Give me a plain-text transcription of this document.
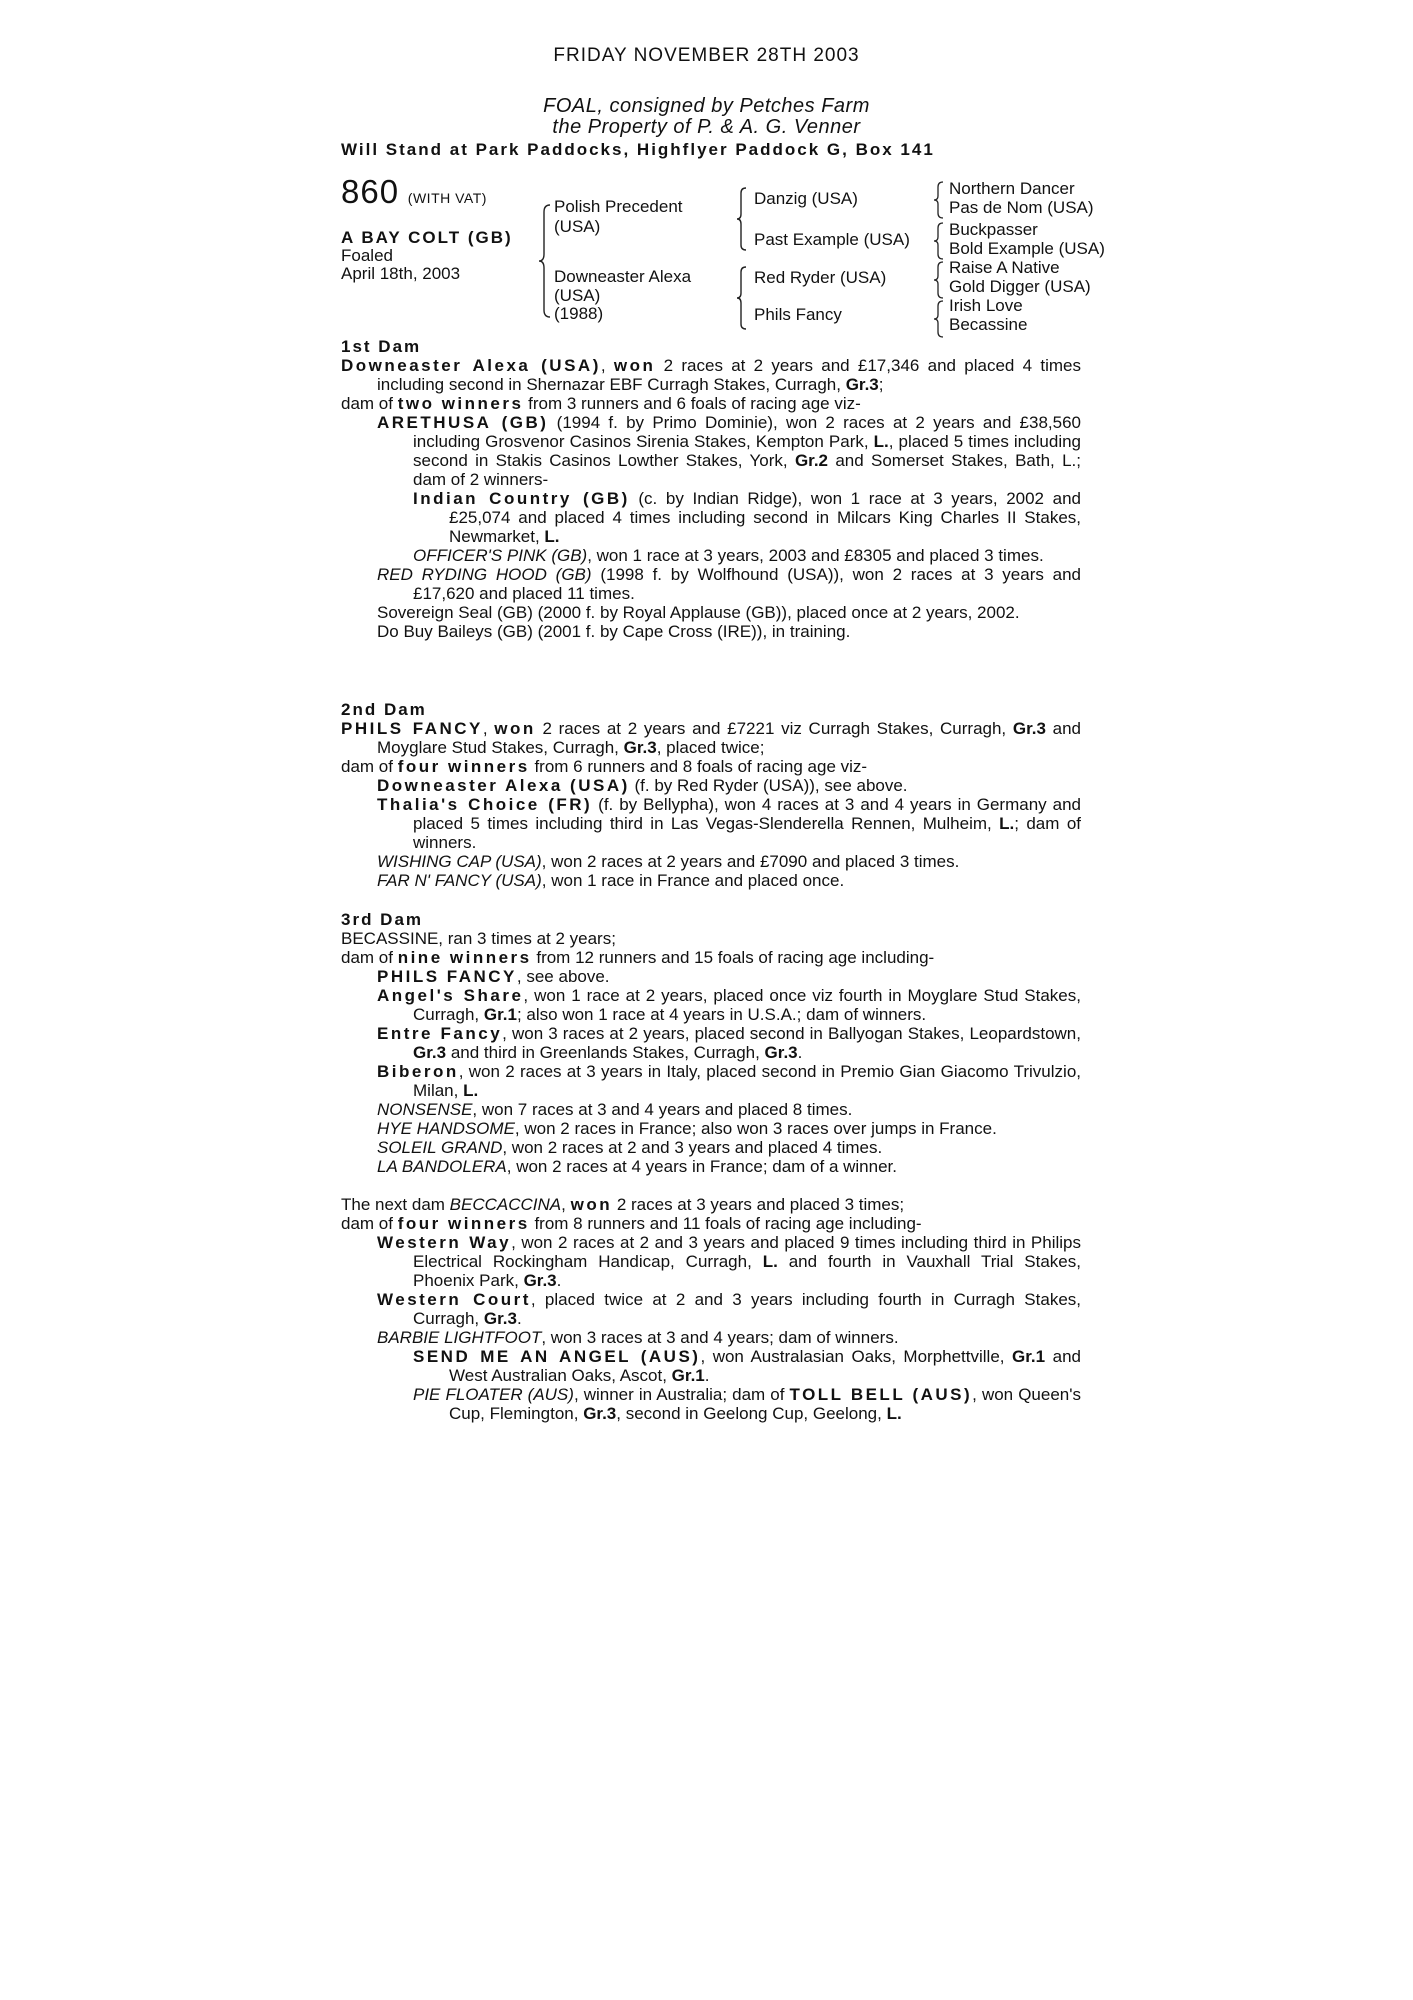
FRIDAY NOVEMBER 28TH 2003
FOAL, consigned by Petches Farm
the Property of P. & A. G. Venner
Will Stand at Park Paddocks, Highflyer Paddock G, Box 141
860 (WITH VAT)
A BAY COLT (GB)
Foaled
April 18th, 2003
Polish Precedent
(USA)
Downeaster Alexa
(USA)
(1988)
Danzig (USA)
Past Example (USA)
Red Ryder (USA)
Phils Fancy
Northern Dancer
Pas de Nom (USA)
Buckpasser
Bold Example (USA)
Raise A Native
Gold Digger (USA)
Irish Love
Becassine
1st Dam

Downeaster Alexa (USA), won 2 races at 2 years and £17,346 and placed 4 times including second in Shernazar EBF Curragh Stakes, Curragh, Gr.3;

dam of two winners from 3 runners and 6 foals of racing age viz-

ARETHUSA (GB) (1994 f. by Primo Dominie), won 2 races at 2 years and £38,560 including Grosvenor Casinos Sirenia Stakes, Kempton Park, L., placed 5 times including second in Stakis Casinos Lowther Stakes, York, Gr.2 and Somerset Stakes, Bath, L.; dam of 2 winners-

Indian Country (GB) (c. by Indian Ridge), won 1 race at 3 years, 2002 and £25,074 and placed 4 times including second in Milcars King Charles II Stakes, Newmarket, L.

OFFICER'S PINK (GB), won 1 race at 3 years, 2003 and £8305 and placed 3 times.

RED RYDING HOOD (GB) (1998 f. by Wolfhound (USA)), won 2 races at 3 years and £17,620 and placed 11 times.

Sovereign Seal (GB) (2000 f. by Royal Applause (GB)), placed once at 2 years, 2002.

Do Buy Baileys (GB) (2001 f. by Cape Cross (IRE)), in training.

2nd Dam

PHILS FANCY, won 2 races at 2 years and £7221 viz Curragh Stakes, Curragh, Gr.3 and Moyglare Stud Stakes, Curragh, Gr.3, placed twice;

dam of four winners from 6 runners and 8 foals of racing age viz-

Downeaster Alexa (USA) (f. by Red Ryder (USA)), see above.

Thalia's Choice (FR) (f. by Bellypha), won 4 races at 3 and 4 years in Germany and placed 5 times including third in Las Vegas-Slenderella Rennen, Mulheim, L.; dam of winners.

WISHING CAP (USA), won 2 races at 2 years and £7090 and placed 3 times.

FAR N' FANCY (USA), won 1 race in France and placed once.

3rd Dam

BECASSINE, ran 3 times at 2 years;

dam of nine winners from 12 runners and 15 foals of racing age including-

PHILS FANCY, see above.

Angel's Share, won 1 race at 2 years, placed once viz fourth in Moyglare Stud Stakes, Curragh, Gr.1; also won 1 race at 4 years in U.S.A.; dam of winners.

Entre Fancy, won 3 races at 2 years, placed second in Ballyogan Stakes, Leopardstown, Gr.3 and third in Greenlands Stakes, Curragh, Gr.3.

Biberon, won 2 races at 3 years in Italy, placed second in Premio Gian Giacomo Trivulzio, Milan, L.

NONSENSE, won 7 races at 3 and 4 years and placed 8 times.

HYE HANDSOME, won 2 races in France; also won 3 races over jumps in France.

SOLEIL GRAND, won 2 races at 2 and 3 years and placed 4 times.

LA BANDOLERA, won 2 races at 4 years in France; dam of a winner.

The next dam BECCACCINA, won 2 races at 3 years and placed 3 times;

dam of four winners from 8 runners and 11 foals of racing age including-

Western Way, won 2 races at 2 and 3 years and placed 9 times including third in Philips Electrical Rockingham Handicap, Curragh, L. and fourth in Vauxhall Trial Stakes, Phoenix Park, Gr.3.

Western Court, placed twice at 2 and 3 years including fourth in Curragh Stakes, Curragh, Gr.3.

BARBIE LIGHTFOOT, won 3 races at 3 and 4 years; dam of winners.

SEND ME AN ANGEL (AUS), won Australasian Oaks, Morphettville, Gr.1 and West Australian Oaks, Ascot, Gr.1.

PIE FLOATER (AUS), winner in Australia; dam of TOLL BELL (AUS), won Queen's Cup, Flemington, Gr.3, second in Geelong Cup, Geelong, L.
